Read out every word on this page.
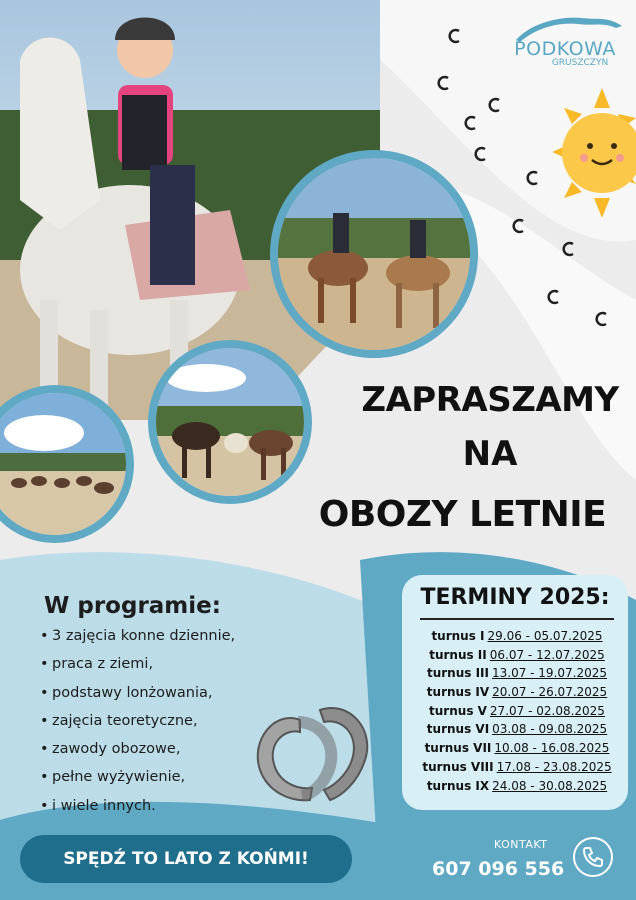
PODKOWA
GRUSZCZYN
ZAPRASZAMY
NA
OBOZY LETNIE
W programie:
• 3 zajęcia konne dziennie,
• praca z ziemi,
• podstawy lonżowania,
• zajęcia teoretyczne,
• zawody obozowe,
• pełne wyżywienie,
• i wiele innych.
SPĘDŹ TO LATO Z KOŃMI!
TERMINY 2025:
turnus I 29.06 - 05.07.2025
turnus II 06.07 - 12.07.2025
turnus III 13.07 - 19.07.2025
turnus IV 20.07 - 26.07.2025
turnus V 27.07 - 02.08.2025
turnus VI 03.08 - 09.08.2025
turnus VII 10.08 - 16.08.2025
turnus VIII 17.08 - 23.08.2025
turnus IX 24.08 - 30.08.2025
KONTAKT
607 096 556
